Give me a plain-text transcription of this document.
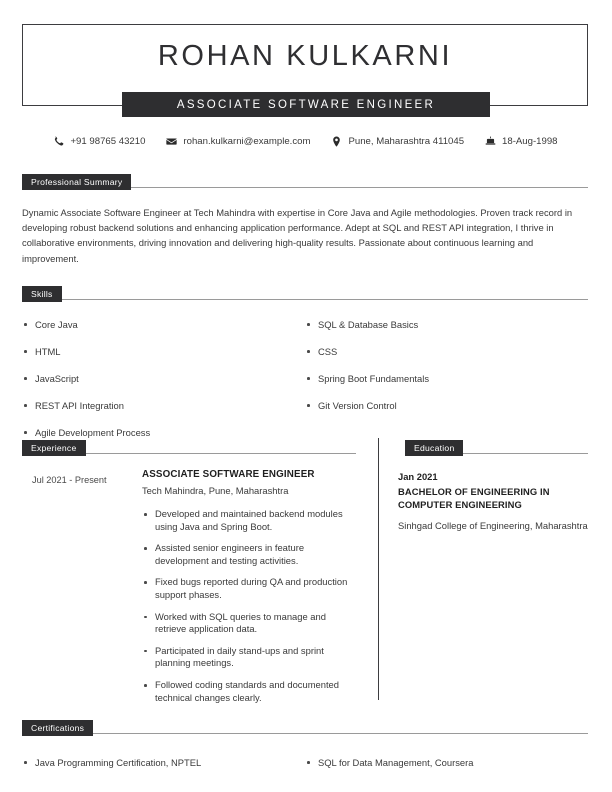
ROHAN KULKARNI
ASSOCIATE SOFTWARE ENGINEER
+91 98765 43210	rohan.kulkarni@example.com	Pune, Maharashtra 411045	18-Aug-1998
Professional Summary
Dynamic Associate Software Engineer at Tech Mahindra with expertise in Core Java and Agile methodologies. Proven track record in developing robust backend solutions and enhancing application performance. Adept at SQL and REST API integration, I thrive in collaborative environments, driving innovation and delivering high-quality results. Passionate about continuous learning and improvement.
Skills
Core Java
HTML
JavaScript
REST API Integration
Agile Development Process
SQL & Database Basics
CSS
Spring Boot Fundamentals
Git Version Control
Experience	Education
Jul 2021 - Present	ASSOCIATE SOFTWARE ENGINEER
Tech Mahindra, Pune, Maharashtra
Developed and maintained backend modules using Java and Spring Boot.
Assisted senior engineers in feature development and testing activities.
Fixed bugs reported during QA and production support phases.
Worked with SQL queries to manage and retrieve application data.
Participated in daily stand-ups and sprint planning meetings.
Followed coding standards and documented technical changes clearly.
Jan 2021
BACHELOR OF ENGINEERING IN COMPUTER ENGINEERING
Sinhgad College of Engineering, Maharashtra
Certifications
Java Programming Certification, NPTEL	SQL for Data Management, Coursera
